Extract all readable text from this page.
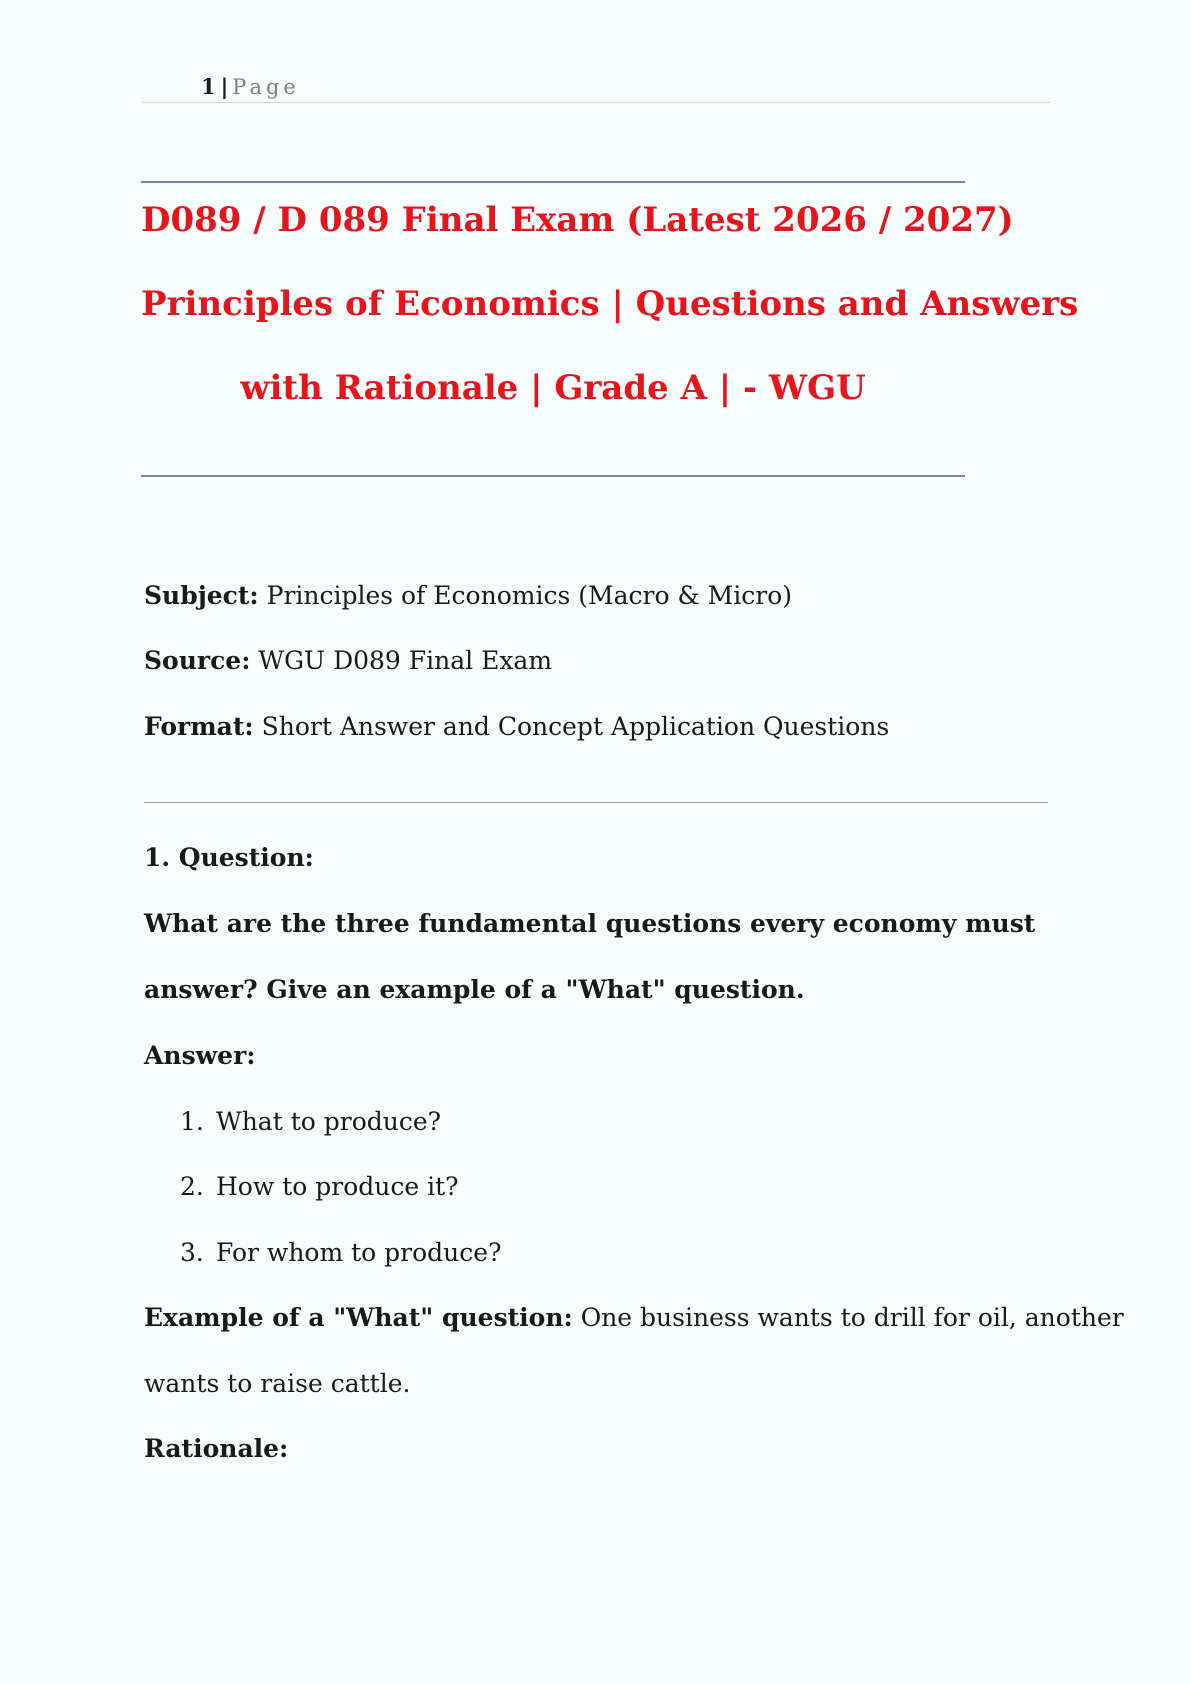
1 | Page
D089 / D 089 Final Exam (Latest 2026 / 2027)
Principles of Economics | Questions and Answers
with Rationale | Grade A | - WGU
Subject: Principles of Economics (Macro & Micro)
Source: WGU D089 Final Exam
Format: Short Answer and Concept Application Questions
1. Question:
What are the three fundamental questions every economy must
answer? Give an example of a "What" question.
Answer:
1. What to produce?
2. How to produce it?
3. For whom to produce?
Example of a "What" question: One business wants to drill for oil, another
wants to raise cattle.
Rationale:
